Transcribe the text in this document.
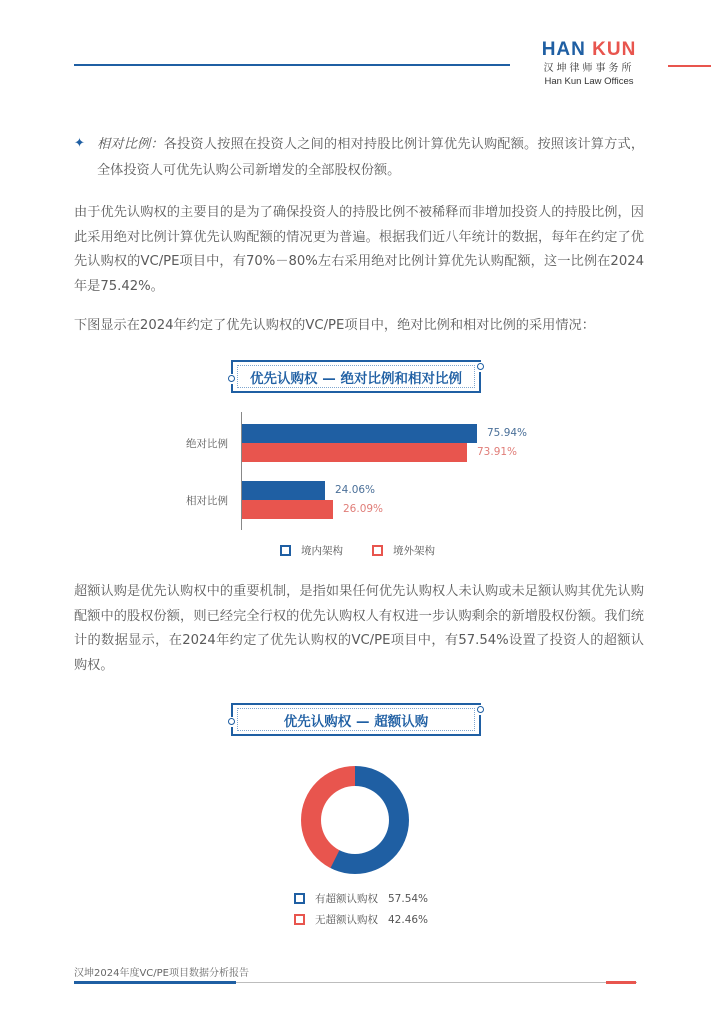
HAN KUN
汉坤律师事务所
Han Kun Law Offices
✦ 相对比例：各投资人按照在投资人之间的相对持股比例计算优先认购配额。按照该计算方式，全体投资人可优先认购公司新增发的全部股权份额。
由于优先认购权的主要目的是为了确保投资人的持股比例不被稀释而非增加投资人的持股比例，因此采用绝对比例计算优先认购配额的情况更为普遍。根据我们近八年统计的数据，每年在约定了优先认购权的VC/PE项目中，有70%－80%左右采用绝对比例计算优先认购配额，这一比例在2024年是75.42%。
下图显示在2024年约定了优先认购权的VC/PE项目中，绝对比例和相对比例的采用情况：
优先认购权 — 绝对比例和相对比例
绝对比例
相对比例
75.94%
73.91%
24.06%
26.09%
境内架构	境外架构
超额认购是优先认购权中的重要机制，是指如果任何优先认购权人未认购或未足额认购其优先认购配额中的股权份额，则已经完全行权的优先认购权人有权进一步认购剩余的新增股权份额。我们统计的数据显示，在2024年约定了优先认购权的VC/PE项目中，有57.54%设置了投资人的超额认购权。
优先认购权 — 超额认购
有超额认购权 57.54%
无超额认购权 42.46%
汉坤2024年度VC/PE项目数据分析报告
